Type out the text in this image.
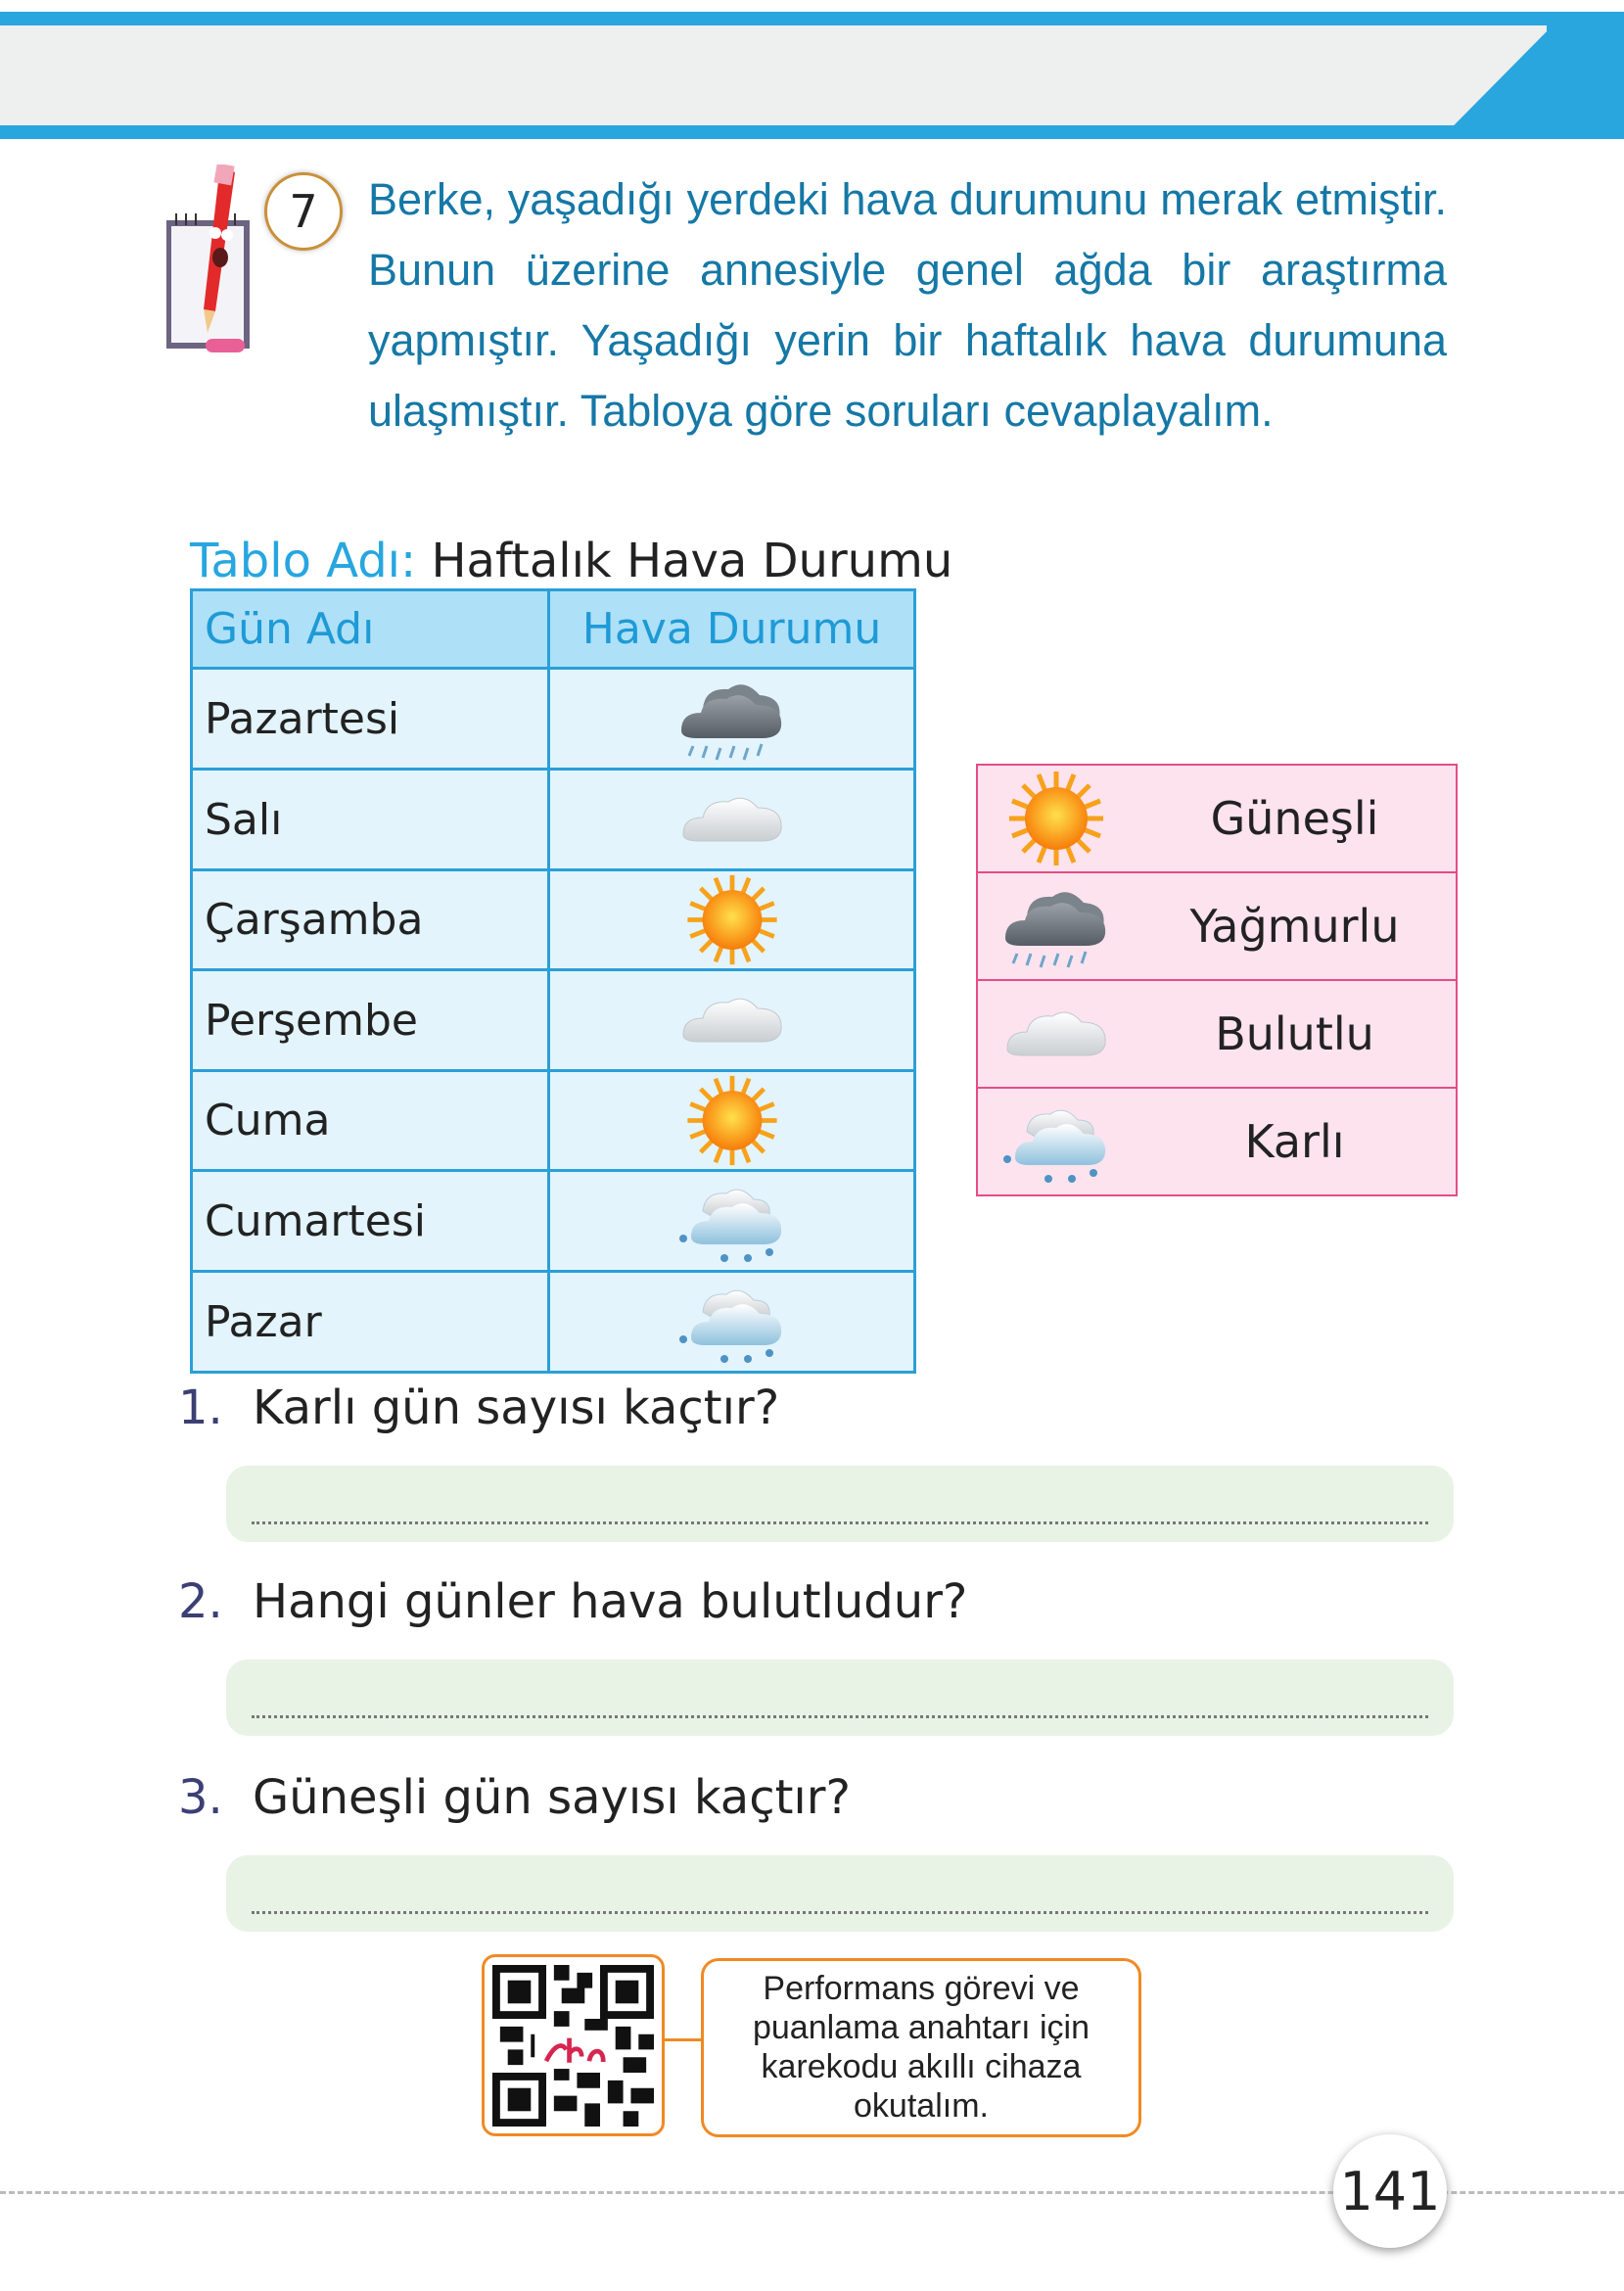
7	Berke, yaşadığı yerdeki hava durumunu merak etmiştir. Bunun üzerine annesiyle genel ağda bir araştırma yapmıştır. Yaşadığı yerin bir haftalık hava durumuna ulaşmıştır. Tabloya göre soruları cevaplayalım.
Tablo Adı: Haftalık Hava Durumu
Gün Adı	Hava Durumu
Pazartesi	
Salı	
Çarşamba	
Perşembe	
Cuma	
Cumartesi	
Pazar	
	Güneşli
	Yağmurlu
	Bulutlu
	Karlı
1. Karlı gün sayısı kaçtır?
2. Hangi günler hava bulutludur?
3. Güneşli gün sayısı kaçtır?
Performans görevi ve
puanlama anahtarı için
karekodu akıllı cihaza
okutalım.
141
